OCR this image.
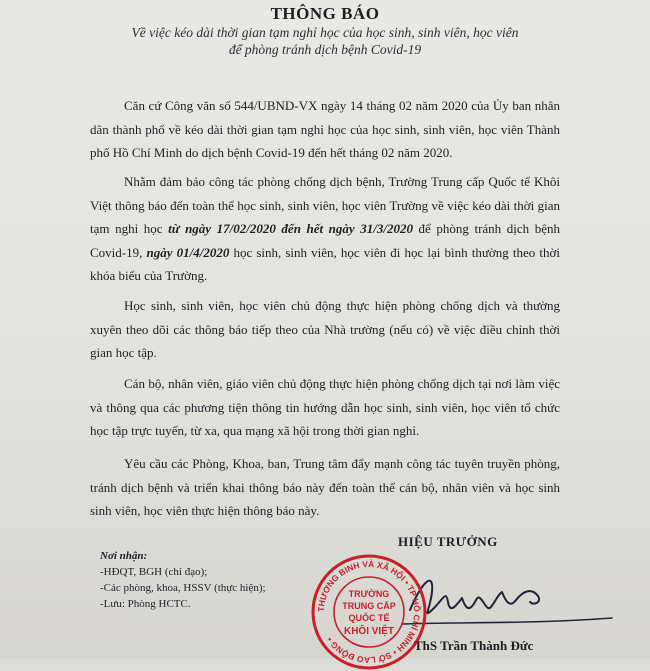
THÔNG BÁO
Về việc kéo dài thời gian tạm nghỉ học của học sinh, sinh viên, học viên
để phòng tránh dịch bệnh Covid-19
Căn cứ Công văn số 544/UBND-VX ngày 14 tháng 02 năm 2020 của Ủy ban nhân dân thành phố về kéo dài thời gian tạm nghỉ học của học sinh, sinh viên, học viên Thành phố Hồ Chí Minh do dịch bệnh Covid-19 đến hết tháng 02 năm 2020.
Nhằm đảm bảo công tác phòng chống dịch bệnh, Trường Trung cấp Quốc tế Khôi Việt thông báo đến toàn thể học sinh, sinh viên, học viên Trường về việc kéo dài thời gian tạm nghỉ học từ ngày 17/02/2020 đến hết ngày 31/3/2020 để phòng tránh dịch bệnh Covid-19, ngày 01/4/2020 học sinh, sinh viên, học viên đi học lại bình thường theo thời khóa biểu của Trường.
Học sinh, sinh viên, học viên chủ động thực hiện phòng chống dịch và thường xuyên theo dõi các thông báo tiếp theo của Nhà trường (nếu có) về việc điều chỉnh thời gian học tập.
Cán bộ, nhân viên, giáo viên chủ động thực hiện phòng chống dịch tại nơi làm việc và thông qua các phương tiện thông tin hướng dẫn học sinh, sinh viên, học viên tổ chức học tập trực tuyến, từ xa, qua mạng xã hội trong thời gian nghỉ.
Yêu cầu các Phòng, Khoa, ban, Trung tâm đẩy mạnh công tác tuyên truyền phòng, tránh dịch bệnh và triển khai thông báo này đến toàn thể cán bộ, nhân viên và học sinh sinh viên, học viên thực hiện thông báo này.
Nơi nhận:
-HĐQT, BGH (chỉ đạo);
-Các phòng, khoa, HSSV (thực hiện);
-Lưu: Phòng HCTC.
HIỆU TRƯỞNG
THƯƠNG BINH VÀ XÃ HỘI • TP HỒ CHÍ MINH • SỞ LAO ĐỘNG •
TRƯỜNG
TRUNG CẤP
QUỐC TẾ
KHÔI VIỆT
ThS Trần Thành Đức
